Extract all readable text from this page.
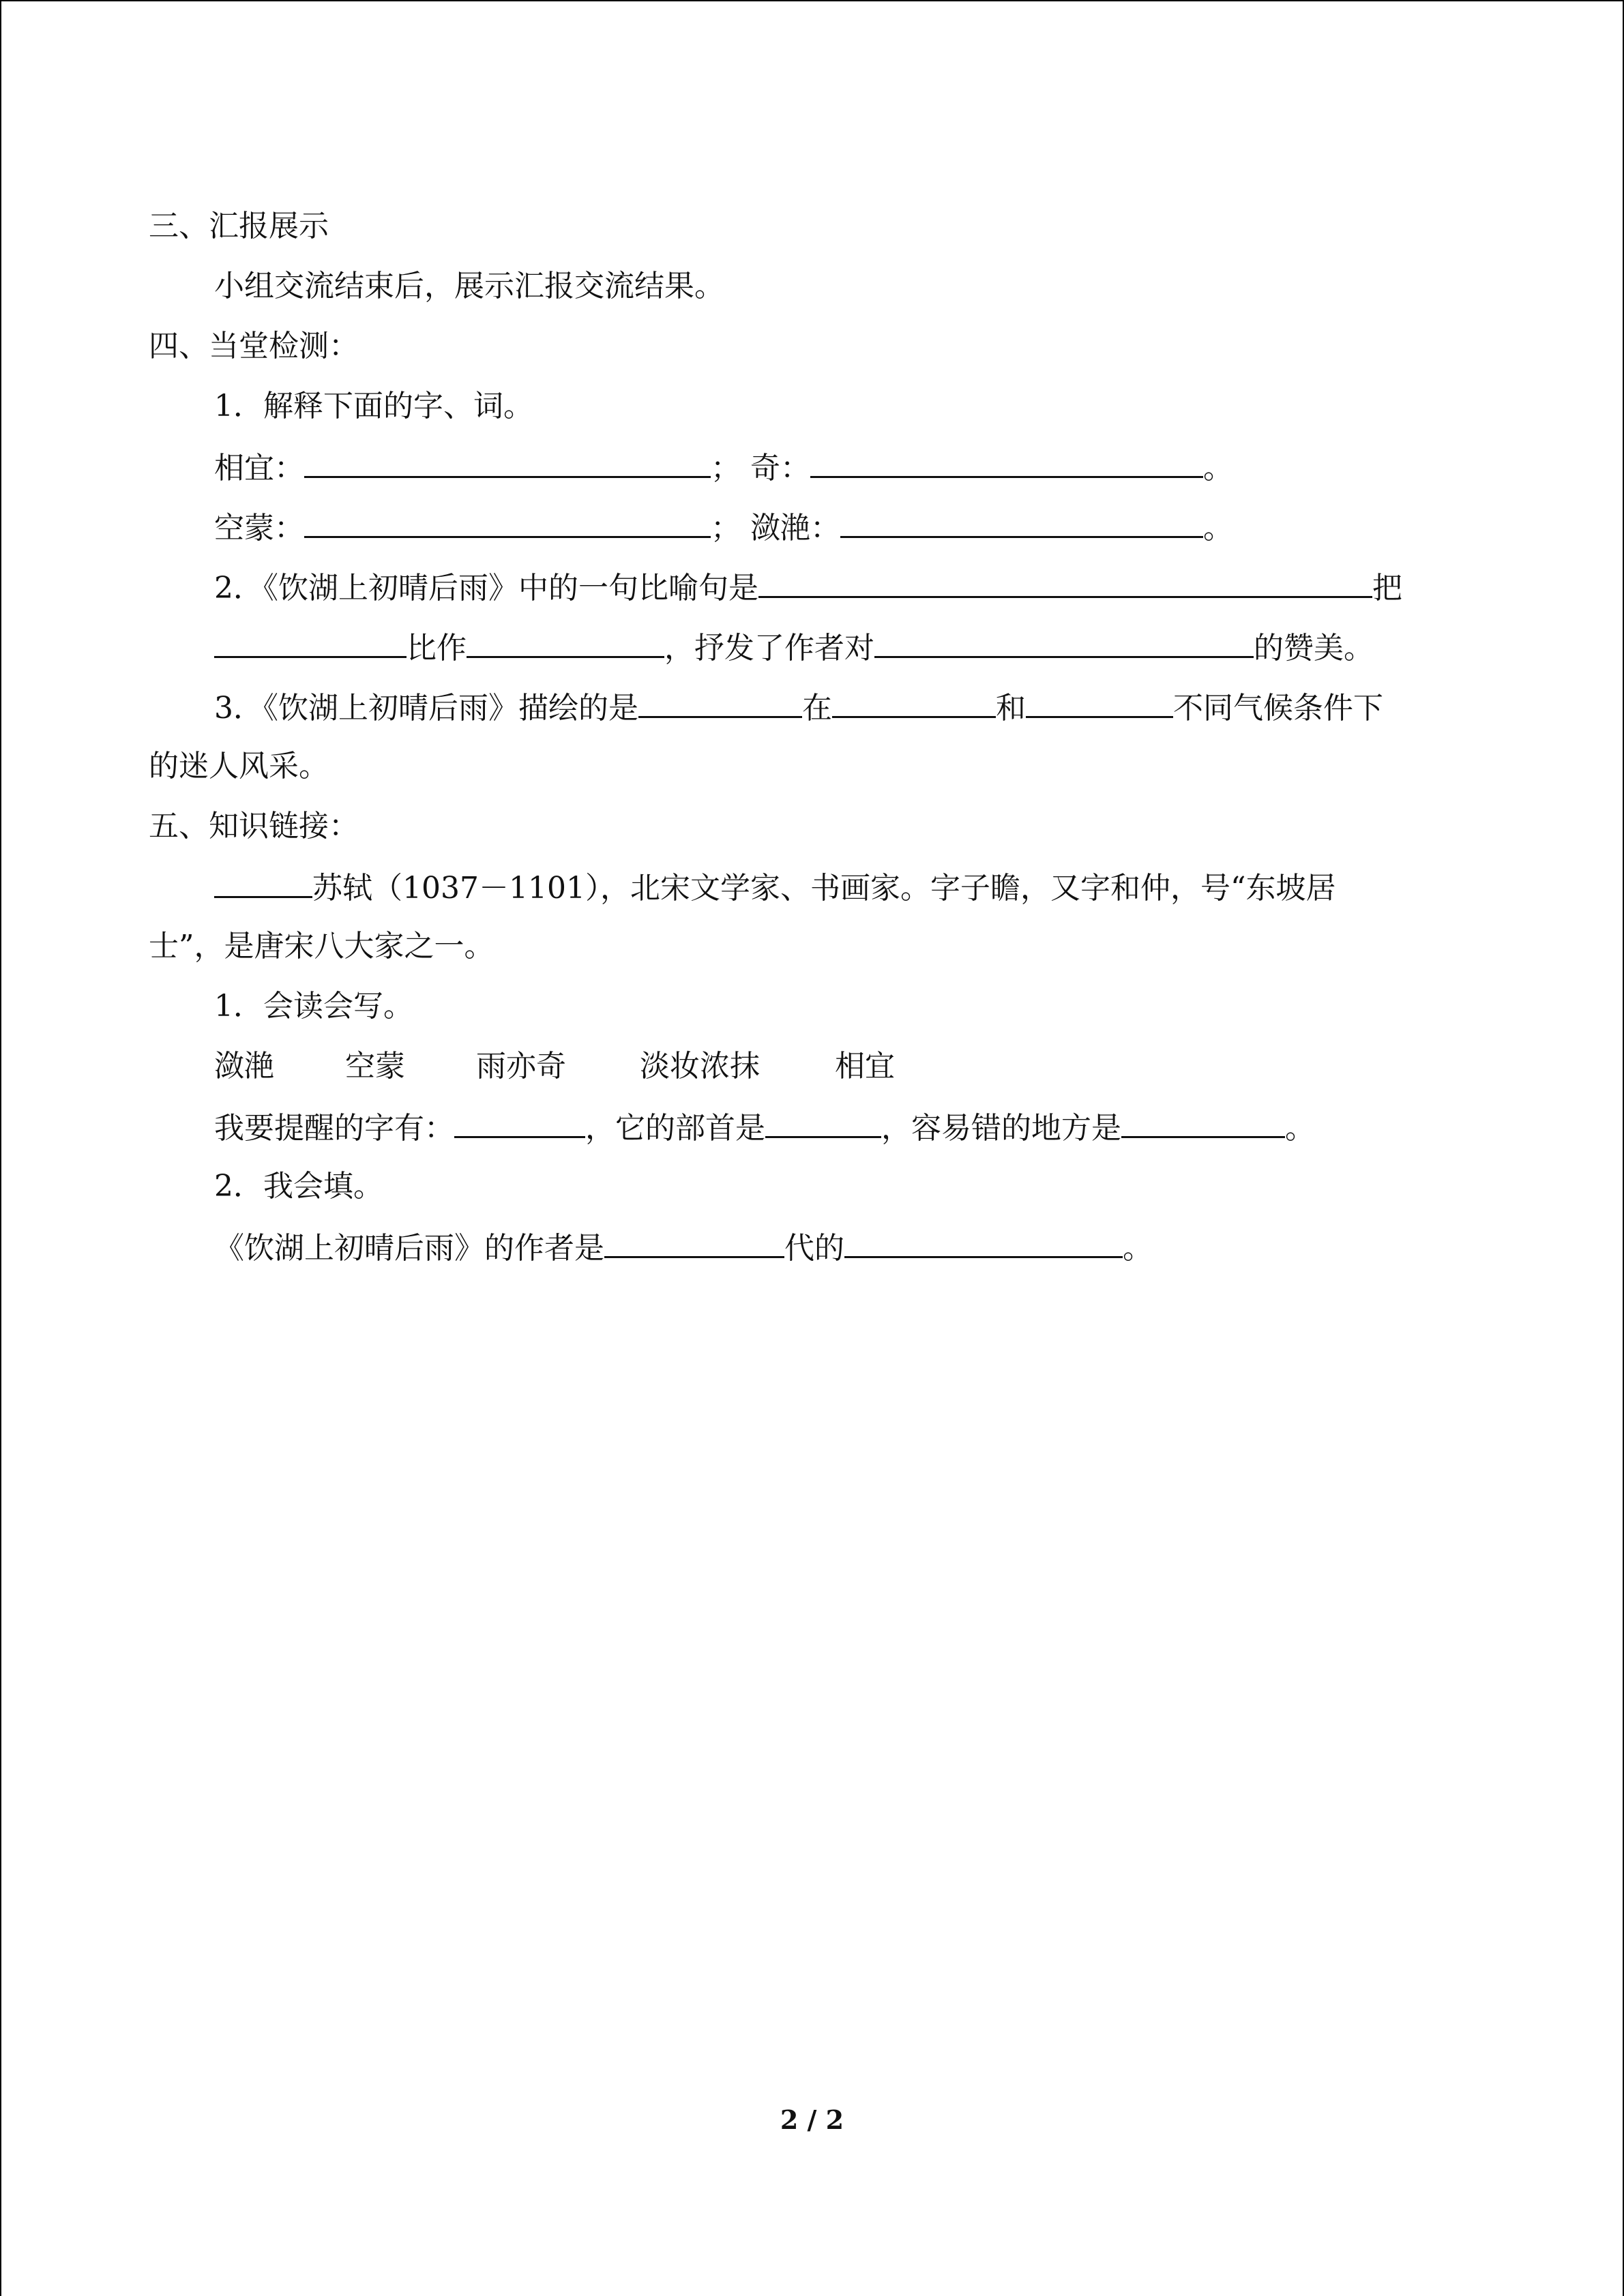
三、汇报展示
小组交流结束后，展示汇报交流结果。
四、当堂检测：
1．解释下面的字、词。
相宜：	； 奇：	。
空蒙：	； 潋滟：	。
2．《饮湖上初晴后雨》中的一句比喻句是	把
比作	，抒发了作者对	的赞美。
3．《饮湖上初晴后雨》描绘的是	在	和	不同气候条件下
的迷人风采。
五、知识链接：
苏轼（1037－1101），北宋文学家、书画家。字子瞻，又字和仲，号“东坡居
士”，是唐宋八大家之一。
1．会读会写。
潋滟 空蒙 雨亦奇 淡妆浓抹	相宜
我要提醒的字有：	，它的部首是	，容易错的地方是	。
2．我会填。
《饮湖上初晴后雨》的作者是	代的	。
2 / 2
